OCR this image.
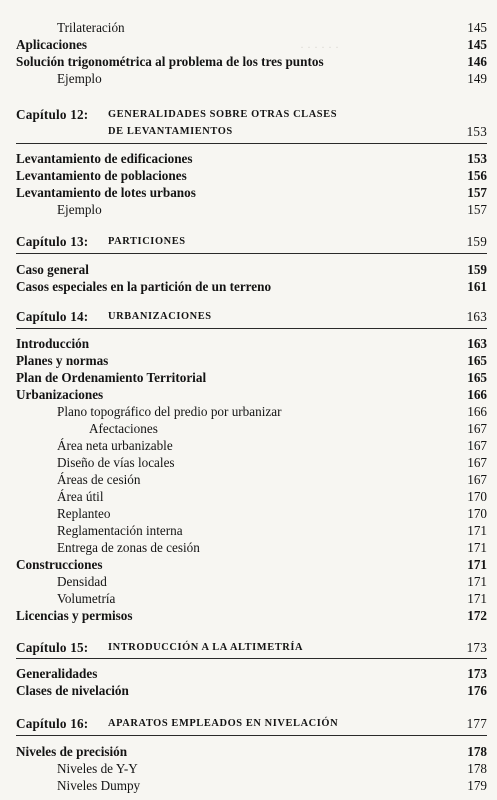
· · · · · ·
Trilateración	145
Aplicaciones	145
Solución trigonométrica al problema de los tres puntos	146
Ejemplo	149
Capítulo 12: GENERALIDADES SOBRE OTRAS CLASES
DE LEVANTAMIENTOS	153
Levantamiento de edificaciones	153
Levantamiento de poblaciones	156
Levantamiento de lotes urbanos	157
Ejemplo	157
Capítulo 13: PARTICIONES	159
Caso general	159
Casos especiales en la partición de un terreno	161
Capítulo 14: URBANIZACIONES	163
Introducción	163
Planes y normas	165
Plan de Ordenamiento Territorial	165
Urbanizaciones	166
Plano topográfico del predio por urbanizar	166
Afectaciones	167
Área neta urbanizable	167
Diseño de vías locales	167
Áreas de cesión	167
Área útil	170
Replanteo	170
Reglamentación interna	171
Entrega de zonas de cesión	171
Construcciones	171
Densidad	171
Volumetría	171
Licencias y permisos	172
Capítulo 15: INTRODUCCIÓN A LA ALTIMETRÍA	173
Generalidades	173
Clases de nivelación	176
Capítulo 16: APARATOS EMPLEADOS EN NIVELACIÓN	177
Niveles de precisión	178
Niveles de Y-Y	178
Niveles Dumpy	179
